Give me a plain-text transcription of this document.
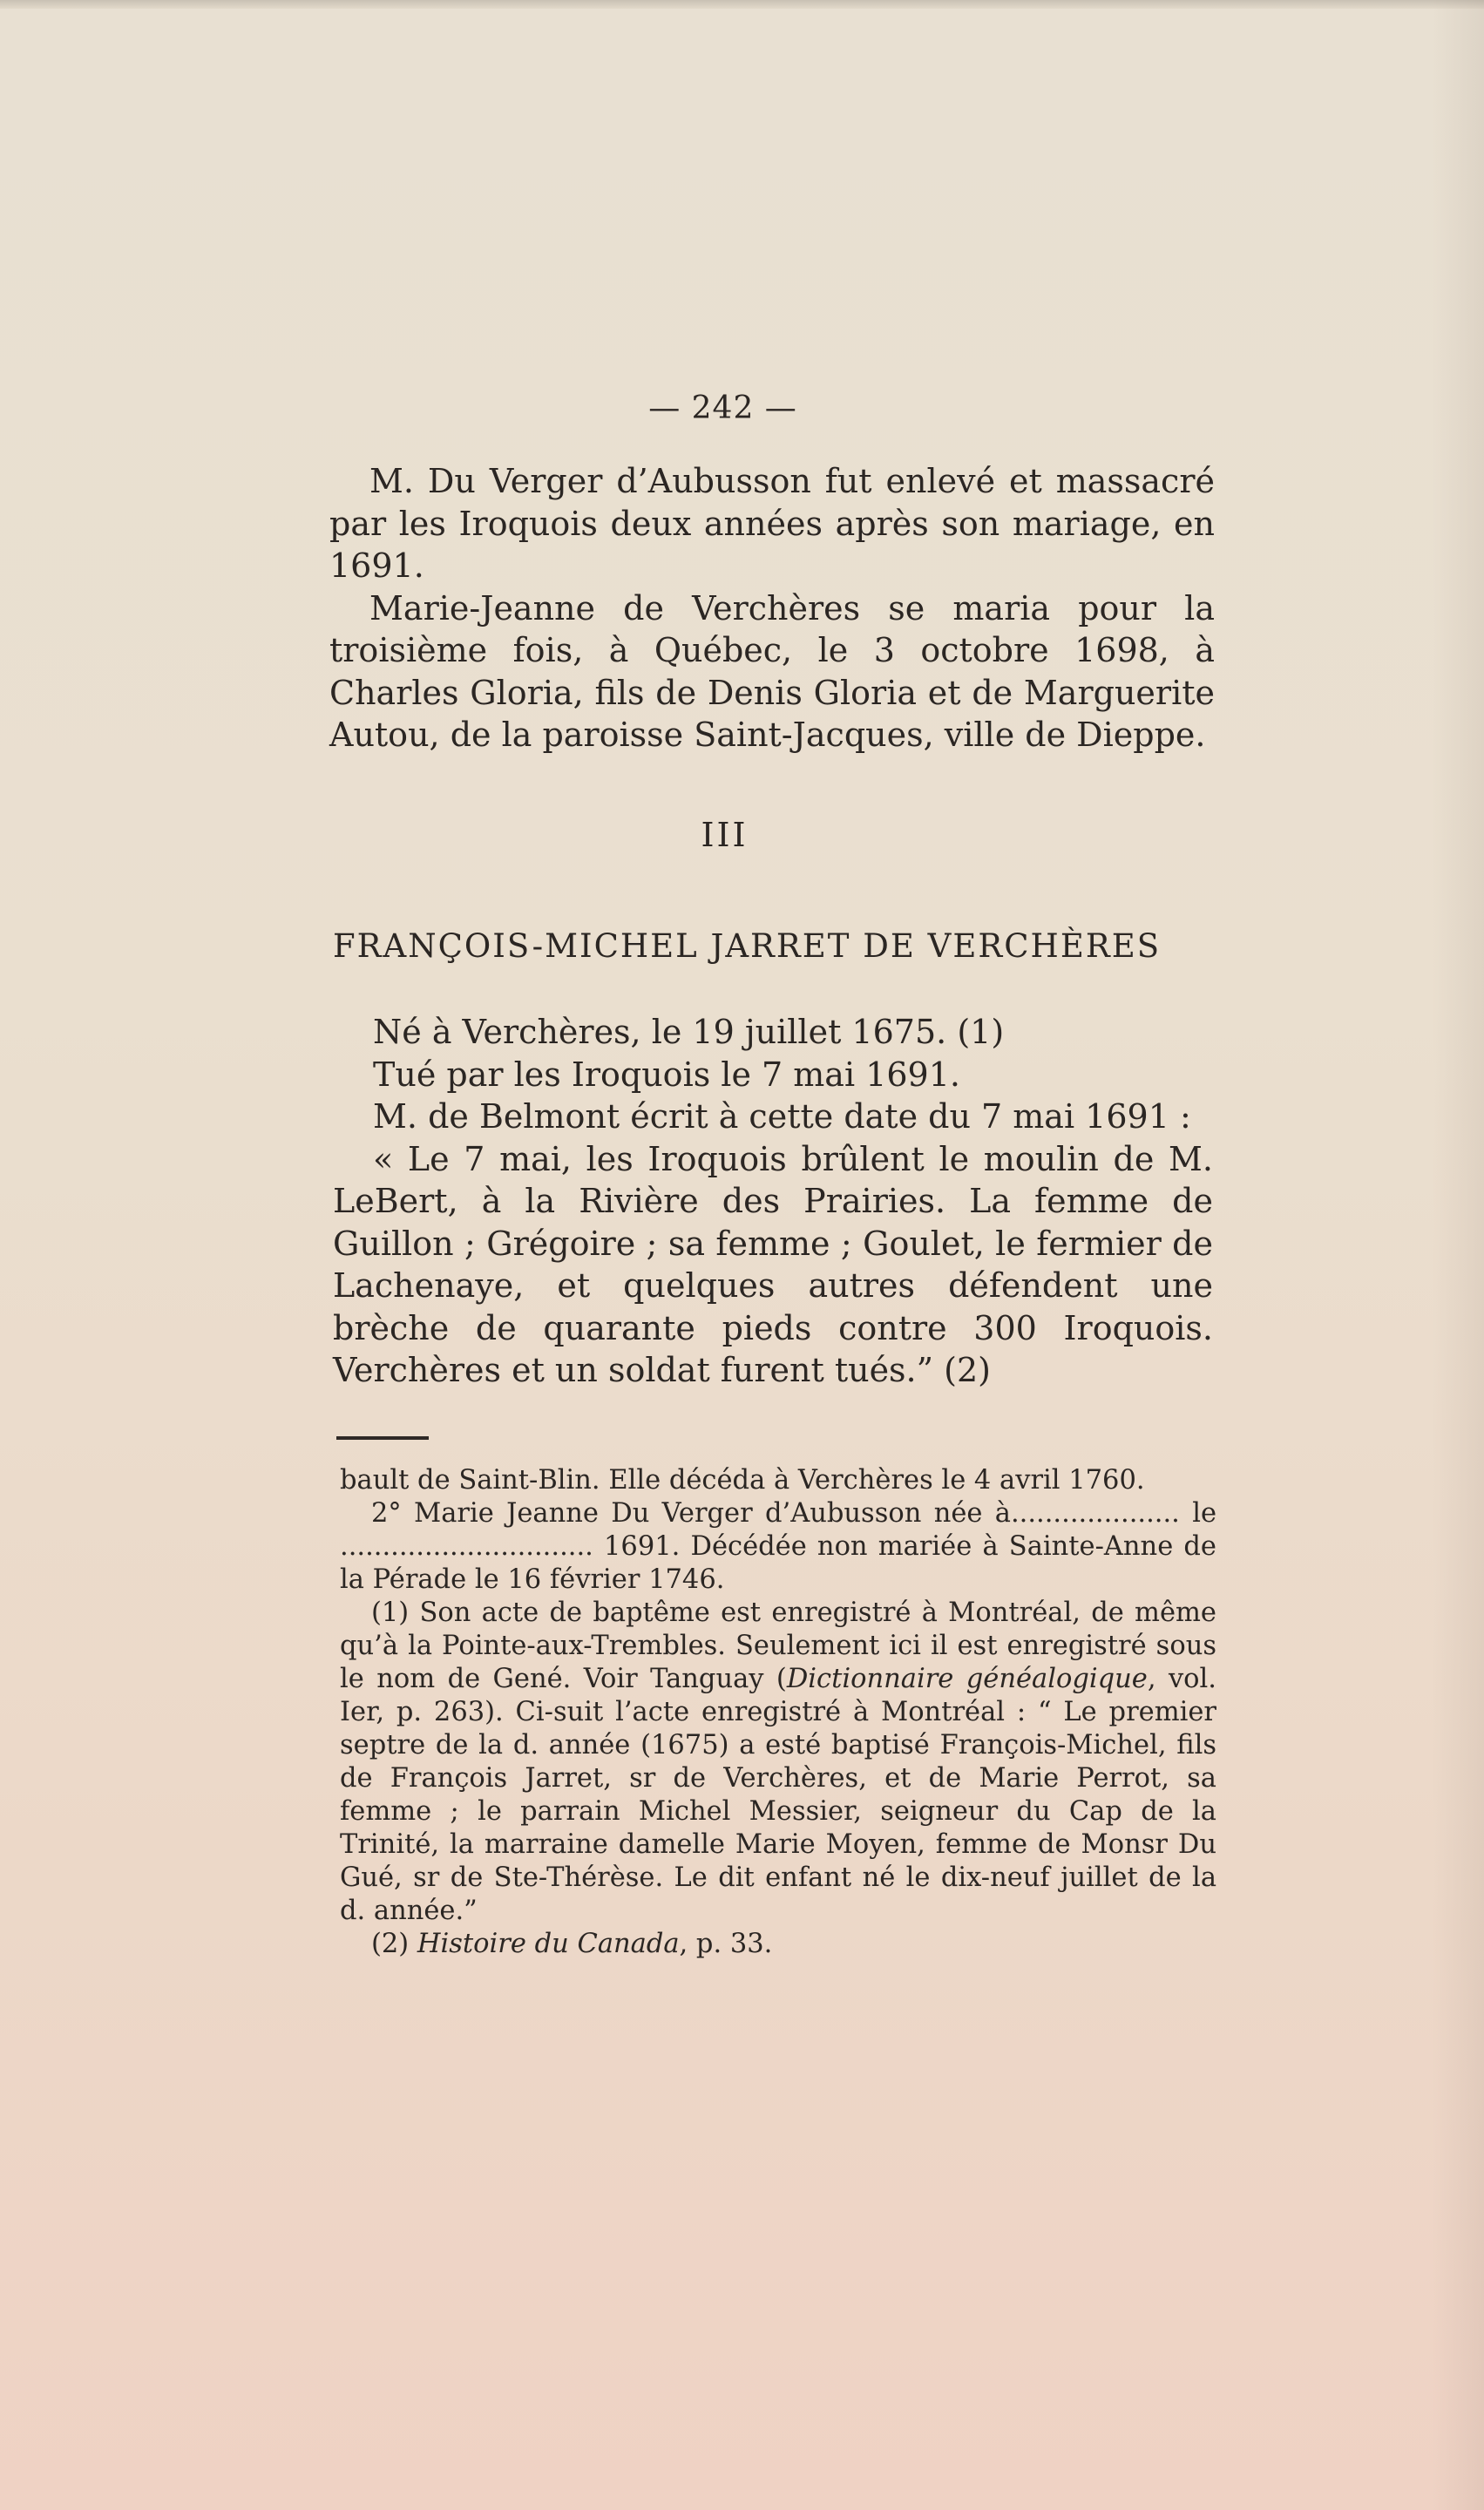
— 242 —

M. Du Verger d’Aubusson fut enlevé et massacré par les Iroquois deux années après son mariage, en 1691.

Marie-Jeanne de Verchères se maria pour la troisième fois, à Québec, le 3 octobre 1698, à Charles Gloria, fils de Denis Gloria et de Marguerite Autou, de la paroisse Saint-Jacques, ville de Dieppe.

III
FRANÇOIS-MICHEL JARRET DE VERCHÈRES

Né à Verchères, le 19 juillet 1675. (1)

Tué par les Iroquois le 7 mai 1691.

M. de Belmont écrit à cette date du 7 mai 1691 :

« Le 7 mai, les Iroquois brûlent le moulin de M. LeBert, à la Rivière des Prairies. La femme de Guillon ; Grégoire ; sa femme ; Goulet, le fermier de Lachenaye, et quelques autres défendent une brèche de quarante pieds contre 300 Iroquois. Verchères et un soldat furent tués.” (2)

bault de Saint-Blin. Elle décéda à Verchères le 4 avril 1760.

2° Marie Jeanne Du Verger d’Aubusson née à.................... le .............................. 1691. Décédée non mariée à Sainte-Anne de la Pérade le 16 février 1746.

(1) Son acte de baptême est enregistré à Montréal, de même qu’à la Pointe-aux-Trembles. Seulement ici il est enregistré sous le nom de Gené. Voir Tanguay (Dictionnaire généalogique, vol. Ier, p. 263). Ci-suit l’acte enregistré à Montréal : “ Le premier septre de la d. année (1675) a esté baptisé François-Michel, fils de François Jarret, sr de Verchères, et de Marie Perrot, sa femme ; le parrain Michel Messier, seigneur du Cap de la Trinité, la marraine damelle Marie Moyen, femme de Monsr Du Gué, sr de Ste-Thérèse. Le dit enfant né le dix-neuf juillet de la d. année.”

(2) Histoire du Canada, p. 33.
